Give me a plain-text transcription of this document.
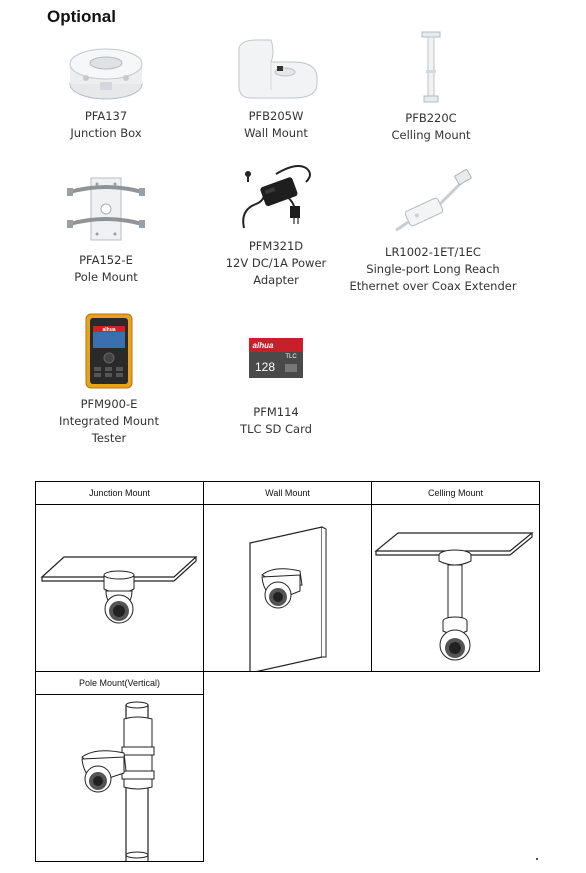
Optional
PFA137
Junction Box
PFB205W
Wall Mount
PFB220C
Celling Mount
PFA152-E
Pole Mount
PFM321D
12V DC/1A Power
Adapter
LR1002-1ET/1EC
Single-port Long Reach
Ethernet over Coax Extender
alhua
PFM900-E
Integrated Mount
Tester
alhua
TLC
128
PFM114
TLC SD Card
Junction Mount	Wall Mount	Celling Mount

Pole Mount(Vertical)		
